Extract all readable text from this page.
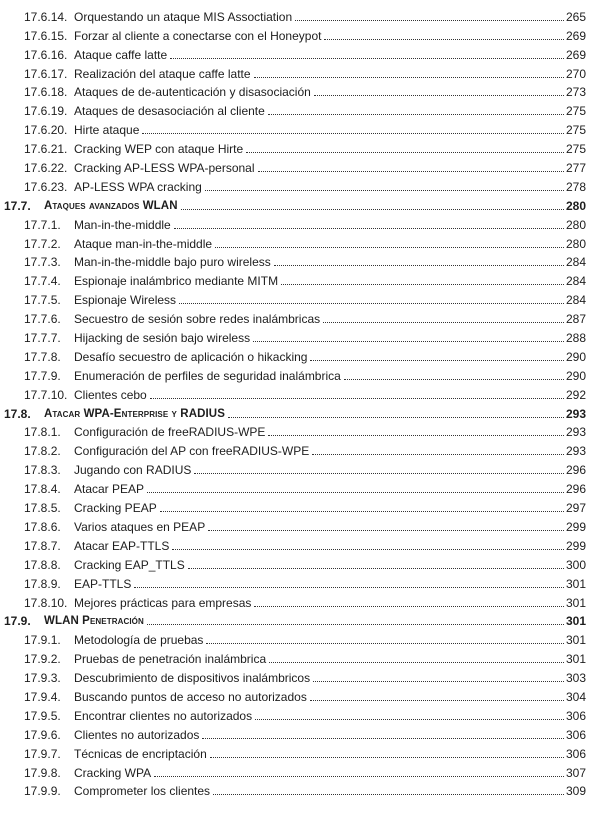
17.6.14. Orquestando un ataque MIS Assoctiation	265
17.6.15. Forzar al cliente a conectarse con el Honeypot	269
17.6.16. Ataque caffe latte	269
17.6.17. Realización del ataque caffe latte	270
17.6.18. Ataques de de-autenticación y disasociación	273
17.6.19. Ataques de desasociación al cliente	275
17.6.20. Hirte ataque	275
17.6.21. Cracking WEP con ataque Hirte	275
17.6.22. Cracking AP-LESS WPA-personal	277
17.6.23. AP-LESS WPA cracking	278
17.7.	Ataques avanzados WLAN	280
17.7.1.	Man-in-the-middle	280
17.7.2.	Ataque man-in-the-middle	280
17.7.3.	Man-in-the-middle bajo puro wireless	284
17.7.4.	Espionaje inalámbrico mediante MITM	284
17.7.5.	Espionaje Wireless	284
17.7.6.	Secuestro de sesión sobre redes inalámbricas	287
17.7.7.	Hijacking de sesión bajo wireless	288
17.7.8.	Desafío secuestro de aplicación o hikacking	290
17.7.9.	Enumeración de perfiles de seguridad inalámbrica	290
17.7.10. Clientes cebo	292
17.8.	Atacar WPA-Enterprise y RADIUS	293
17.8.1.	Configuración de freeRADIUS-WPE	293
17.8.2.	Configuración del AP con freeRADIUS-WPE	293
17.8.3.	Jugando con RADIUS	296
17.8.4.	Atacar PEAP	296
17.8.5.	Cracking PEAP	297
17.8.6.	Varios ataques en PEAP	299
17.8.7.	Atacar EAP-TTLS	299
17.8.8.	Cracking EAP_TTLS	300
17.8.9.	EAP-TTLS	301
17.8.10. Mejores prácticas para empresas	301
17.9.	WLAN Penetración	301
17.9.1.	Metodología de pruebas	301
17.9.2.	Pruebas de penetración inalámbrica	301
17.9.3.	Descubrimiento de dispositivos inalámbricos	303
17.9.4.	Buscando puntos de acceso no autorizados	304
17.9.5.	Encontrar clientes no autorizados	306
17.9.6.	Clientes no autorizados	306
17.9.7.	Técnicas de encriptación	306
17.9.8.	Cracking WPA	307
17.9.9.	Comprometer los clientes	309
